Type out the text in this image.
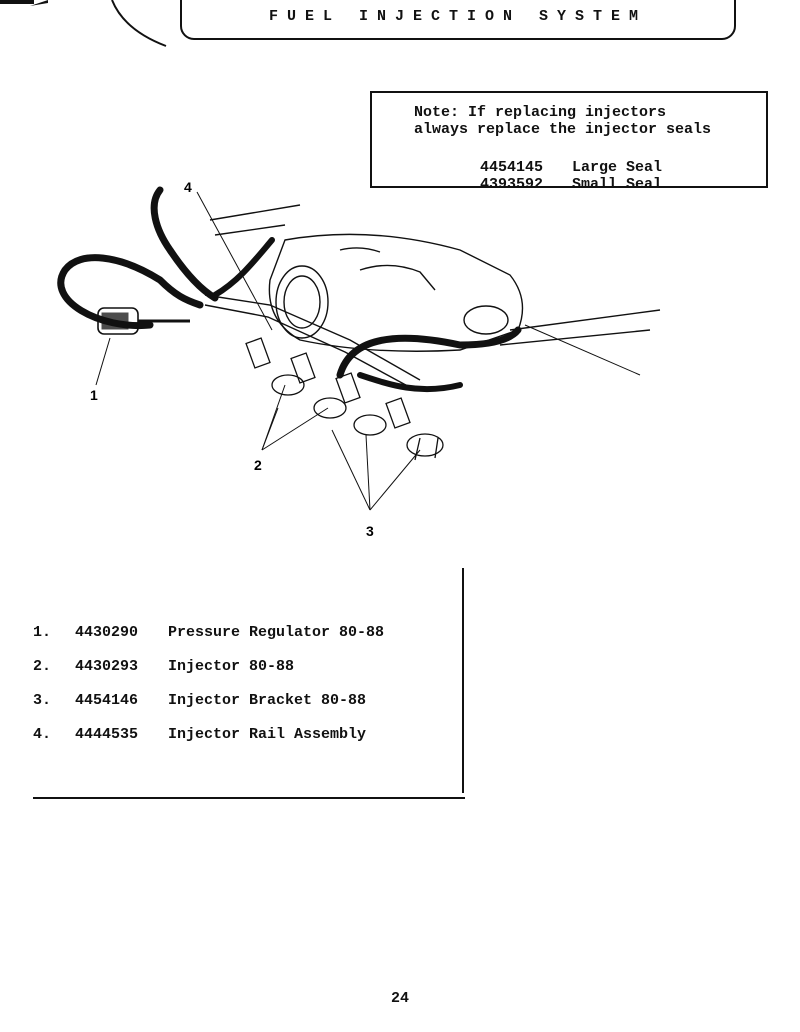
FUEL INJECTION SYSTEM
Note: If replacing injectors
always replace the injector seals

4454145 Large Seal

4393592 Small Seal

4
1
2
3
1. 4430290 Pressure Regulator 80-88
2. 4430293 Injector 80-88
3. 4454146 Injector Bracket 80-88
4. 4444535 Injector Rail Assembly
24
